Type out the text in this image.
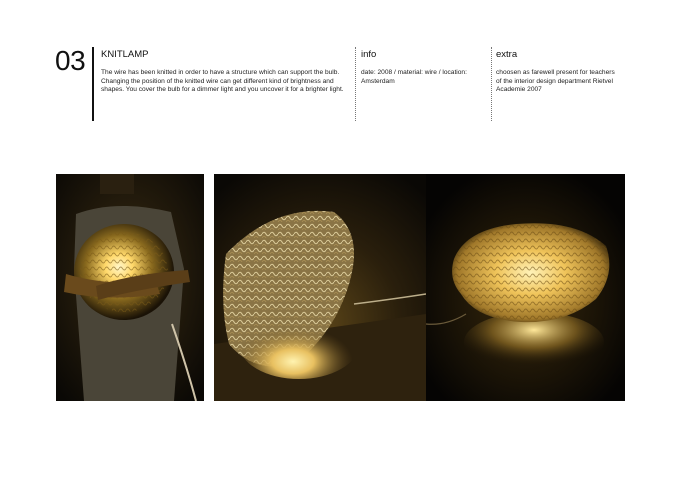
03 KNITLAMP
The wire has been knitted in order to have a structure which can support the bulb. Changing the position of the knitted wire can get different kind of brightness and shapes. You cover the bulb for a dimmer light and you uncover it for a brighter light.
info
date: 2008 / material: wire / location: Amsterdam
extra
choosen as farewell present for teachers of the interior design department Rietvel Academie 2007
